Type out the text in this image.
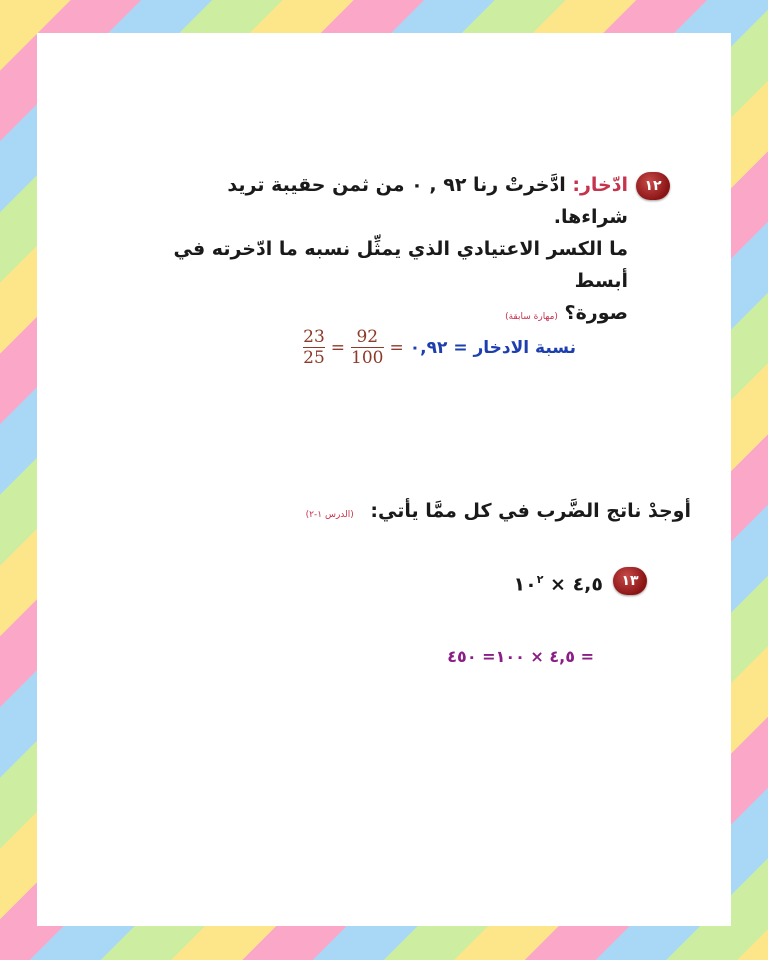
١٢
ادّخار: ادَّخرتْ رنا ٩٢ , ٠ من ثمن حقيبة تريد شراءها.
ما الكسر الاعتيادي الذي يمثِّل نسبه ما ادّخرته في أبسط
صورة؟ (مهارة سابقة)
نسبة الادخار =
٠,٩٢
=
$\frac{92}{100}$
=
$\frac{23}{25}$
أوجدْ ناتج الضَّرب في كل ممَّا يأتي: (الدرس ١-٢)
١٣
٤,٥ × $١٠^٢$
= ٤,٥ × ١٠٠= ٤٥٠
